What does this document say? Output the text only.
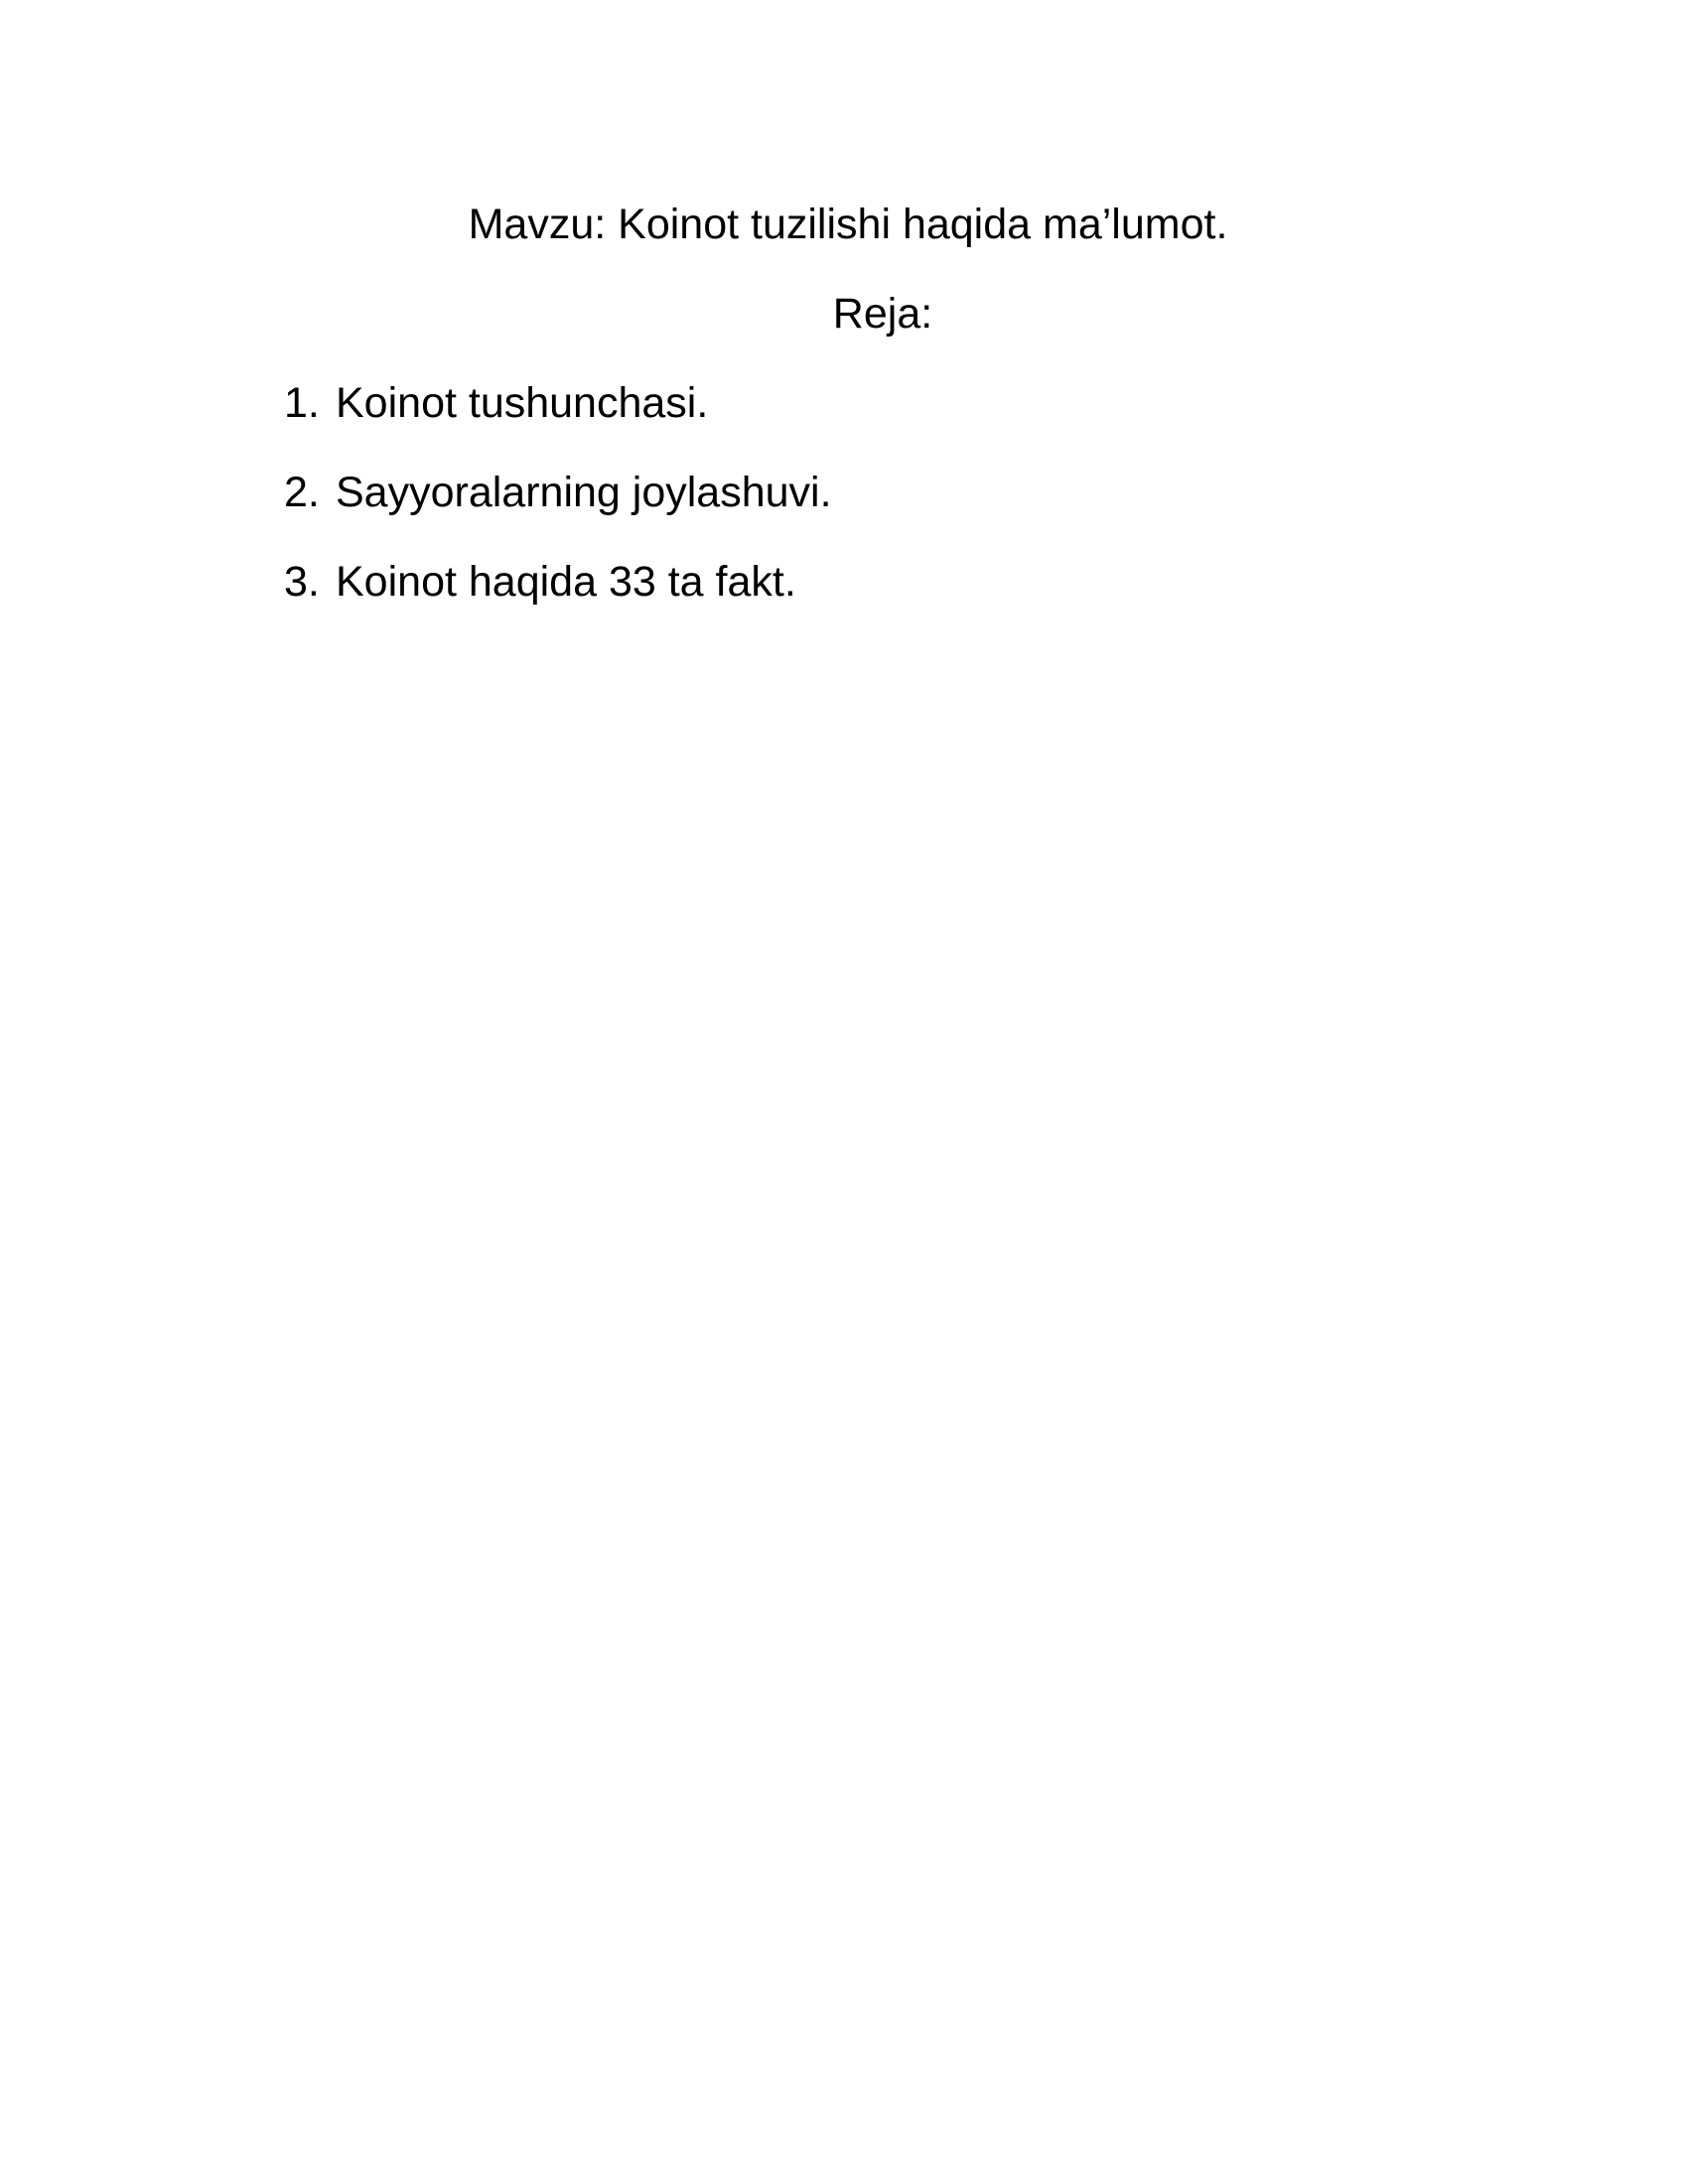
Mavzu: Koinot tuzilishi haqida ma’lumot.

Reja:

1. Koinot tushunchasi.
2. Sayyoralarning joylashuvi.
3. Koinot haqida 33 ta fakt.
